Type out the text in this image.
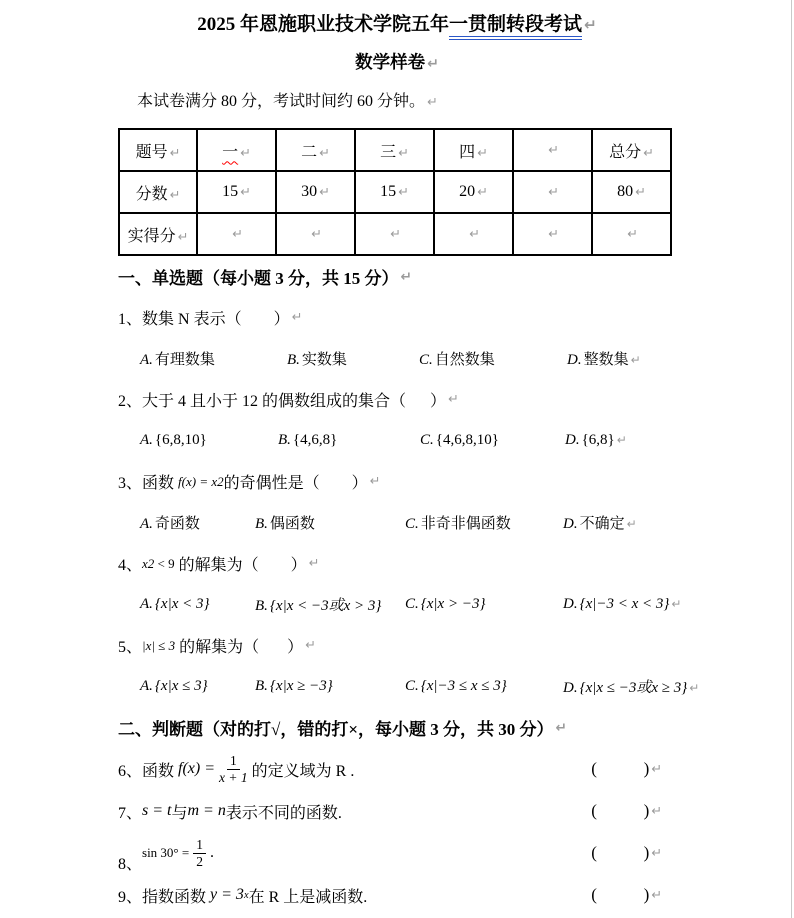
2025 年恩施职业技术学院五年一贯制转段考试 ↵
数学样卷 ↵
本试卷满分 80 分，考试时间约 60 分钟。 ↵
题号 ↵	一 ↵	二 ↵	三 ↵	四 ↵	↵	总分 ↵
分数 ↵	15 ↵	30 ↵	15 ↵	20 ↵	↵	80 ↵
实得分 ↵	↵	↵	↵	↵	↵	↵
一、单选题（每小题 3 分，共 15 分） ↵
1、 数集 N 表示（        ） ↵
A. 有理数集	B. 实数集	C. 自然数集	D. 整数集 ↵
2、 大于 4 且小于 12 的偶数组成的集合（      ） ↵
A. {6,8,10}	B. {4,6,8}	C. {4,6,8,10}	D. {6,8} ↵
3、 函数 f(x) = x 2 的奇偶性是（        ） ↵
A. 奇函数	B. 偶函数	C. 非奇非偶函数	D. 不确定 ↵
4、 x 2 < 9 的解集为（        ） ↵
A. {x|x < 3}	B. {x|x < −3或x > 3}	C. {x|x > −3}	D. {x|−3 < x < 3} ↵
5、 |x| ≤ 3 的解集为（       ） ↵
A. {x|x ≤ 3}	B. {x|x ≥ −3}	C. {x|−3 ≤ x ≤ 3}	D. {x|x ≤ −3或x ≥ 3} ↵
二、判断题（对的打√，错的打×，每小题 3 分，共 30 分） ↵
6、 函数 $f(x) = \frac{1}{x + 1}$ 的定义域为 R .	(	) ↵
7、 s = t 与 m = n 表示不同的函数.	(	) ↵
8、
$\sin 30^\circ = \frac{1}{2}$ .	(	) ↵
9、 指数函数 y = 3 x 在 R 上是减函数.	(	) ↵
